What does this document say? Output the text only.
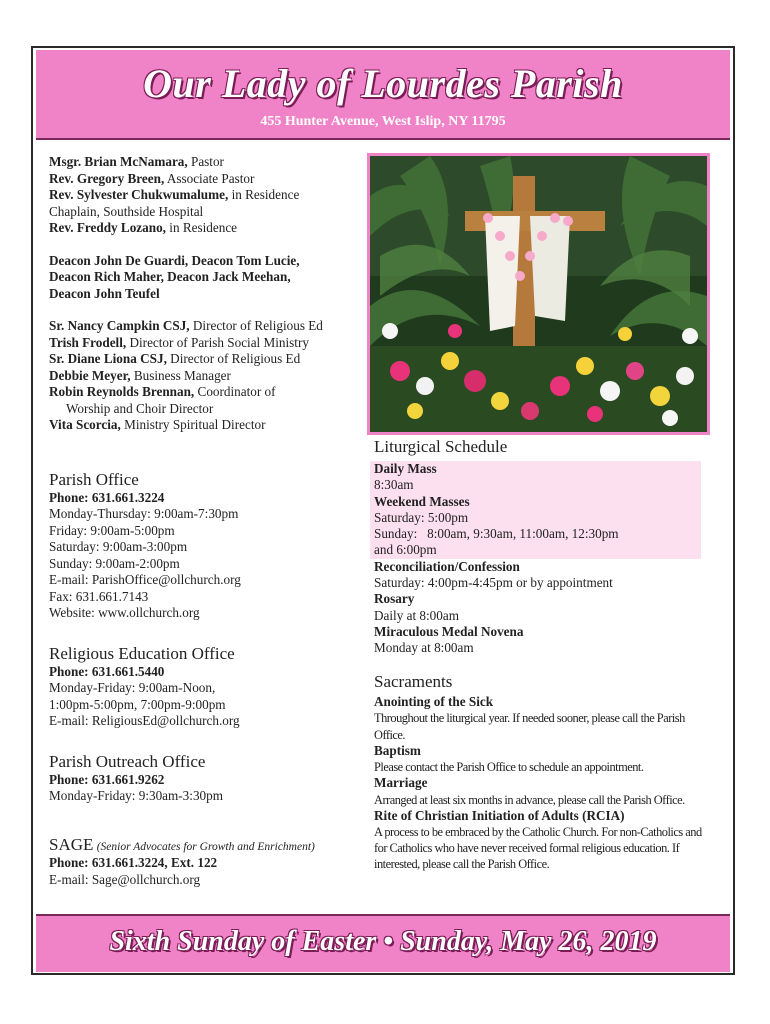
Our Lady of Lourdes Parish
455 Hunter Avenue, West Islip, NY 11795

Msgr. Brian McNamara, Pastor

Rev. Gregory Breen, Associate Pastor

Rev. Sylvester Chukwumalume, in Residence

Chaplain, Southside Hospital

Rev. Freddy Lozano, in Residence

Deacon John De Guardi, Deacon Tom Lucie,

Deacon Rich Maher, Deacon Jack Meehan,

Deacon John Teufel

Sr. Nancy Campkin CSJ, Director of Religious Ed

Trish Frodell, Director of Parish Social Ministry

Sr. Diane Liona CSJ, Director of Religious Ed

Debbie Meyer, Business Manager

Robin Reynolds Brennan, Coordinator of

Worship and Choir Director

Vita Scorcia, Ministry Spiritual Director

Parish Office

Phone: 631.661.3224

Monday-Thursday: 9:00am-7:30pm

Friday: 9:00am-5:00pm

Saturday: 9:00am-3:00pm

Sunday: 9:00am-2:00pm

E-mail: ParishOffice@ollchurch.org

Fax: 631.661.7143

Website: www.ollchurch.org

Religious Education Office

Phone: 631.661.5440

Monday-Friday: 9:00am-Noon,

1:00pm-5:00pm, 7:00pm-9:00pm

E-mail: ReligiousEd@ollchurch.org

Parish Outreach Office

Phone: 631.661.9262

Monday-Friday: 9:30am-3:30pm

SAGE (Senior Advocates for Growth and Enrichment)

Phone: 631.661.3224, Ext. 122

E-mail: Sage@ollchurch.org

Liturgical Schedule

Daily Mass

8:30am

Weekend Masses

Saturday: 5:00pm

Sunday:   8:00am, 9:30am, 11:00am, 12:30pm

and 6:00pm

Reconciliation/Confession

Saturday: 4:00pm-4:45pm or by appointment

Rosary

Daily at 8:00am

Miraculous Medal Novena

Monday at 8:00am

Sacraments

Anointing of the Sick

Throughout the liturgical year. If needed sooner, please call the Parish Office.

Baptism

Please contact the Parish Office to schedule an appointment.

Marriage

Arranged at least six months in advance, please call the Parish Office.

Rite of Christian Initiation of Adults (RCIA)

A process to be embraced by the Catholic Church. For non-Catholics and for Catholics who have never received formal religious education. If interested, please call the Parish Office.

Sixth Sunday of Easter • Sunday, May 26, 2019
